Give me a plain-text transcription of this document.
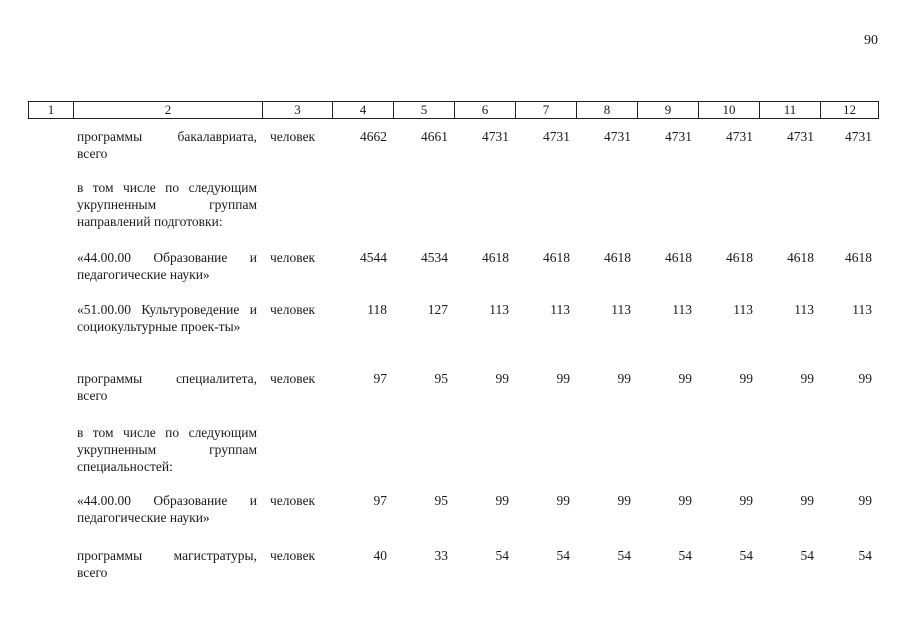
90
1	2	3	4	5	6	7	8	9	10	11	12
программы бакалавриата, всего	человек	4662	4661	4731	4731	4731	4731	4731	4731	4731
в том числе по следующим укрупненным группам направлений подготовки:										
«44.00.00 Образование и педагогические науки»	человек	4544	4534	4618	4618	4618	4618	4618	4618	4618
«51.00.00 Культуроведение и социокультурные проек-ты»	человек	118	127	113	113	113	113	113	113	113
программы специалитета, всего	человек	97	95	99	99	99	99	99	99	99
в том числе по следующим укрупненным группам специальностей:										
«44.00.00 Образование и педагогические науки»	человек	97	95	99	99	99	99	99	99	99
программы магистратуры, всего	человек	40	33	54	54	54	54	54	54	54
